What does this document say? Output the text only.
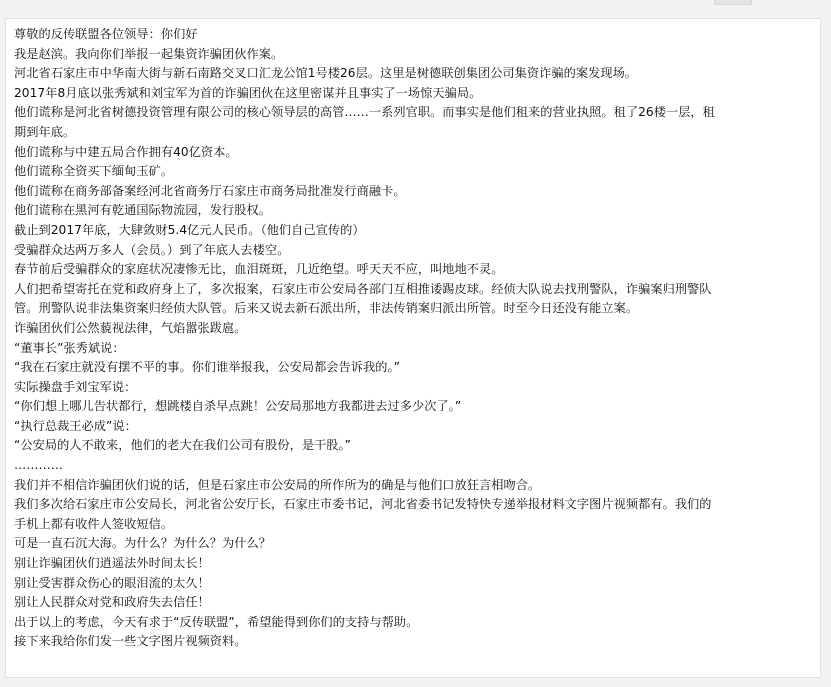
尊敬的反传联盟各位领导：你们好
我是赵滨。我向你们举报一起集资诈骗团伙作案。
河北省石家庄市中华南大街与新石南路交叉口汇龙公馆1号楼26层。这里是树德联创集团公司集资诈骗的案发现场。
2017年8月底以张秀斌和刘宝军为首的诈骗团伙在这里密谋并且事实了一场惊天骗局。
他们谎称是河北省树德投资管理有限公司的核心领导层的高管……一系列官职。而事实是他们租来的营业执照。租了26楼一层，租
期到年底。
他们谎称与中建五局合作拥有40亿资本。
他们谎称全资买下缅甸玉矿。
他们谎称在商务部备案经河北省商务厅石家庄市商务局批准发行商融卡。
他们谎称在黑河有乾通国际物流园，发行股权。
截止到2017年底，大肆敛财5.4亿元人民币。（他们自己宣传的）
受骗群众达两万多人（会员。）到了年底人去楼空。
春节前后受骗群众的家庭状况凄惨无比，血泪斑斑，几近绝望。呼天天不应，叫地地不灵。
人们把希望寄托在党和政府身上了，多次报案，石家庄市公安局各部门互相推诿踢皮球。经侦大队说去找刑警队，诈骗案归刑警队
管。刑警队说非法集资案归经侦大队管。后来又说去新石派出所，非法传销案归派出所管。时至今日还没有能立案。
诈骗团伙们公然藐视法律，气焰嚣张跋扈。
“董事长”张秀斌说：
“我在石家庄就没有摆不平的事。你们谁举报我，公安局都会告诉我的。”
实际操盘手刘宝军说：
“你们想上哪儿告状都行，想跳楼自杀早点跳！公安局那地方我都进去过多少次了。”
“执行总裁王必成”说：
“公安局的人不敢来，他们的老大在我们公司有股份，是干股。”
…………
我们并不相信诈骗团伙们说的话，但是石家庄市公安局的所作所为的确是与他们口放狂言相吻合。
我们多次给石家庄市公安局长，河北省公安厅长，石家庄市委书记，河北省委书记发特快专递举报材料文字图片视频都有。我们的
手机上都有收件人签收短信。
可是一直石沉大海。为什么？为什么？为什么？
别让诈骗团伙们逍遥法外时间太长！
别让受害群众伤心的眼泪流的太久！
别让人民群众对党和政府失去信任！
出于以上的考虑，今天有求于“反传联盟”，希望能得到你们的支持与帮助。
接下来我给你们发一些文字图片视频资料。
